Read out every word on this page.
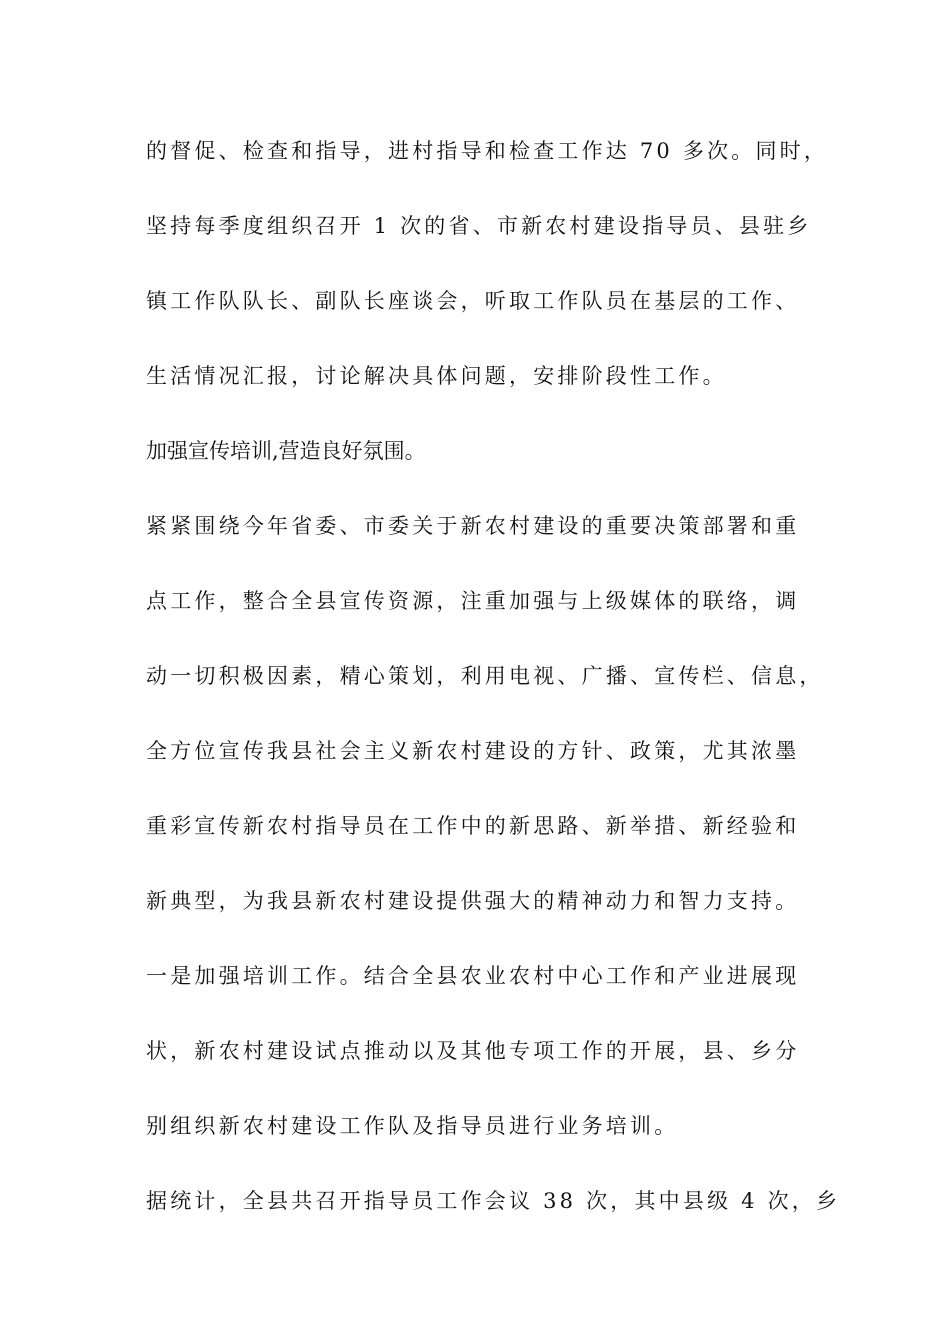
的督促、检查和指导，进村指导和检查工作达 70 多次。同时，
坚持每季度组织召开 1 次的省、市新农村建设指导员、县驻乡
镇工作队队长、副队长座谈会，听取工作队员在基层的工作、
生活情况汇报，讨论解决具体问题，安排阶段性工作。
加强宣传培训,营造良好氛围。
紧紧围绕今年省委、市委关于新农村建设的重要决策部署和重
点工作，整合全县宣传资源，注重加强与上级媒体的联络，调
动一切积极因素，精心策划，利用电视、广播、宣传栏、信息，
全方位宣传我县社会主义新农村建设的方针、政策，尤其浓墨
重彩宣传新农村指导员在工作中的新思路、新举措、新经验和
新典型，为我县新农村建设提供强大的精神动力和智力支持。
一是加强培训工作。结合全县农业农村中心工作和产业进展现
状，新农村建设试点推动以及其他专项工作的开展，县、乡分
别组织新农村建设工作队及指导员进行业务培训。
据统计，全县共召开指导员工作会议 38 次，其中县级 4 次，乡
